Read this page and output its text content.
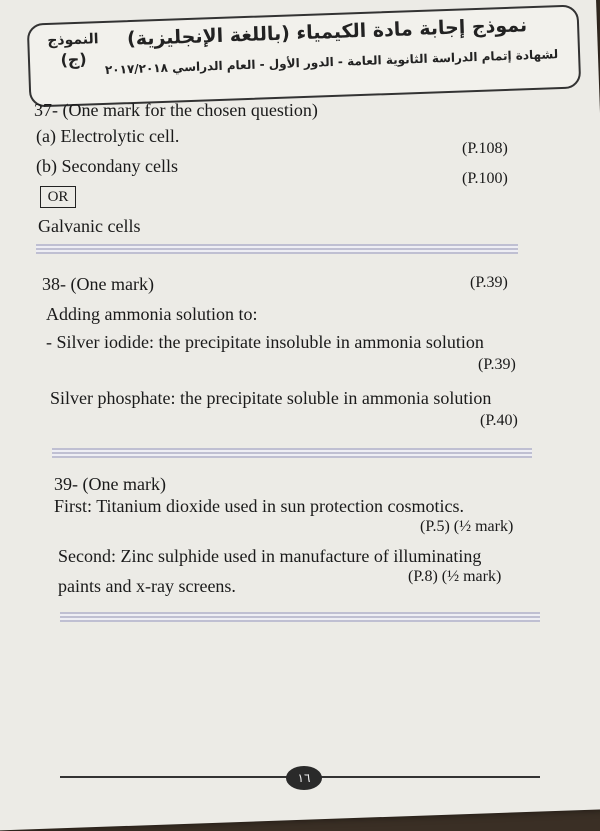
نموذج إجابة مادة الكيمياء (باللغة الإنجليزية)
لشهادة إتمام الدراسة الثانوية العامة - الدور الأول - العام الدراسي ٢٠١٧/٢٠١٨
النموذج
(ج)
37- (One mark for the chosen question)
(a) Electrolytic cell.
(P.108)
(b) Secondany cells
(P.100)
OR
Galvanic cells
38- (One mark)	(P.39)
Adding ammonia solution to:
- Silver iodide: the precipitate insoluble in ammonia solution
(P.39)
Silver phosphate: the precipitate soluble in ammonia solution
(P.40)
39- (One mark)
First: Titanium dioxide used in sun protection cosmotics.
(P.5) (½ mark)
Second: Zinc sulphide used in manufacture of illuminating
paints and x-ray screens.	(P.8) (½ mark)
١٦
